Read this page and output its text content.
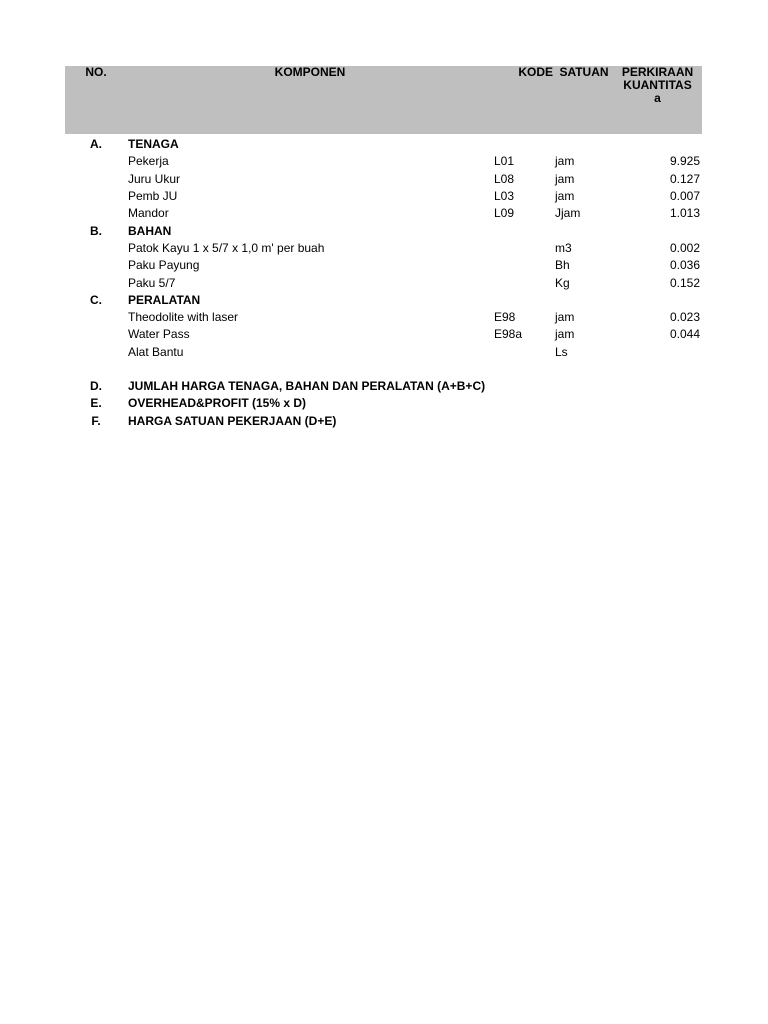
NO.	KOMPONEN	KODE	SATUAN	PERKIRAAN KUANTITAS a

A.	TENAGA			
	Pekerja	L01	jam	9.925
	Juru Ukur	L08	jam	0.127
	Pemb JU	L03	jam	0.007
	Mandor	L09	Jjam	1.013
B.	BAHAN			
	Patok Kayu 1 x 5/7 x 1,0 m' per buah		m3	0.002
	Paku Payung		Bh	0.036
	Paku 5/7		Kg	0.152
C.	PERALATAN			
	Theodolite with laser	E98	jam	0.023
	Water Pass	E98a	jam	0.044
	Alat Bantu		Ls	

D.	JUMLAH HARGA TENAGA, BAHAN DAN PERALATAN (A+B+C)			
E.	OVERHEAD&PROFIT (15% x D)			
F.	HARGA SATUAN PEKERJAAN (D+E)			
